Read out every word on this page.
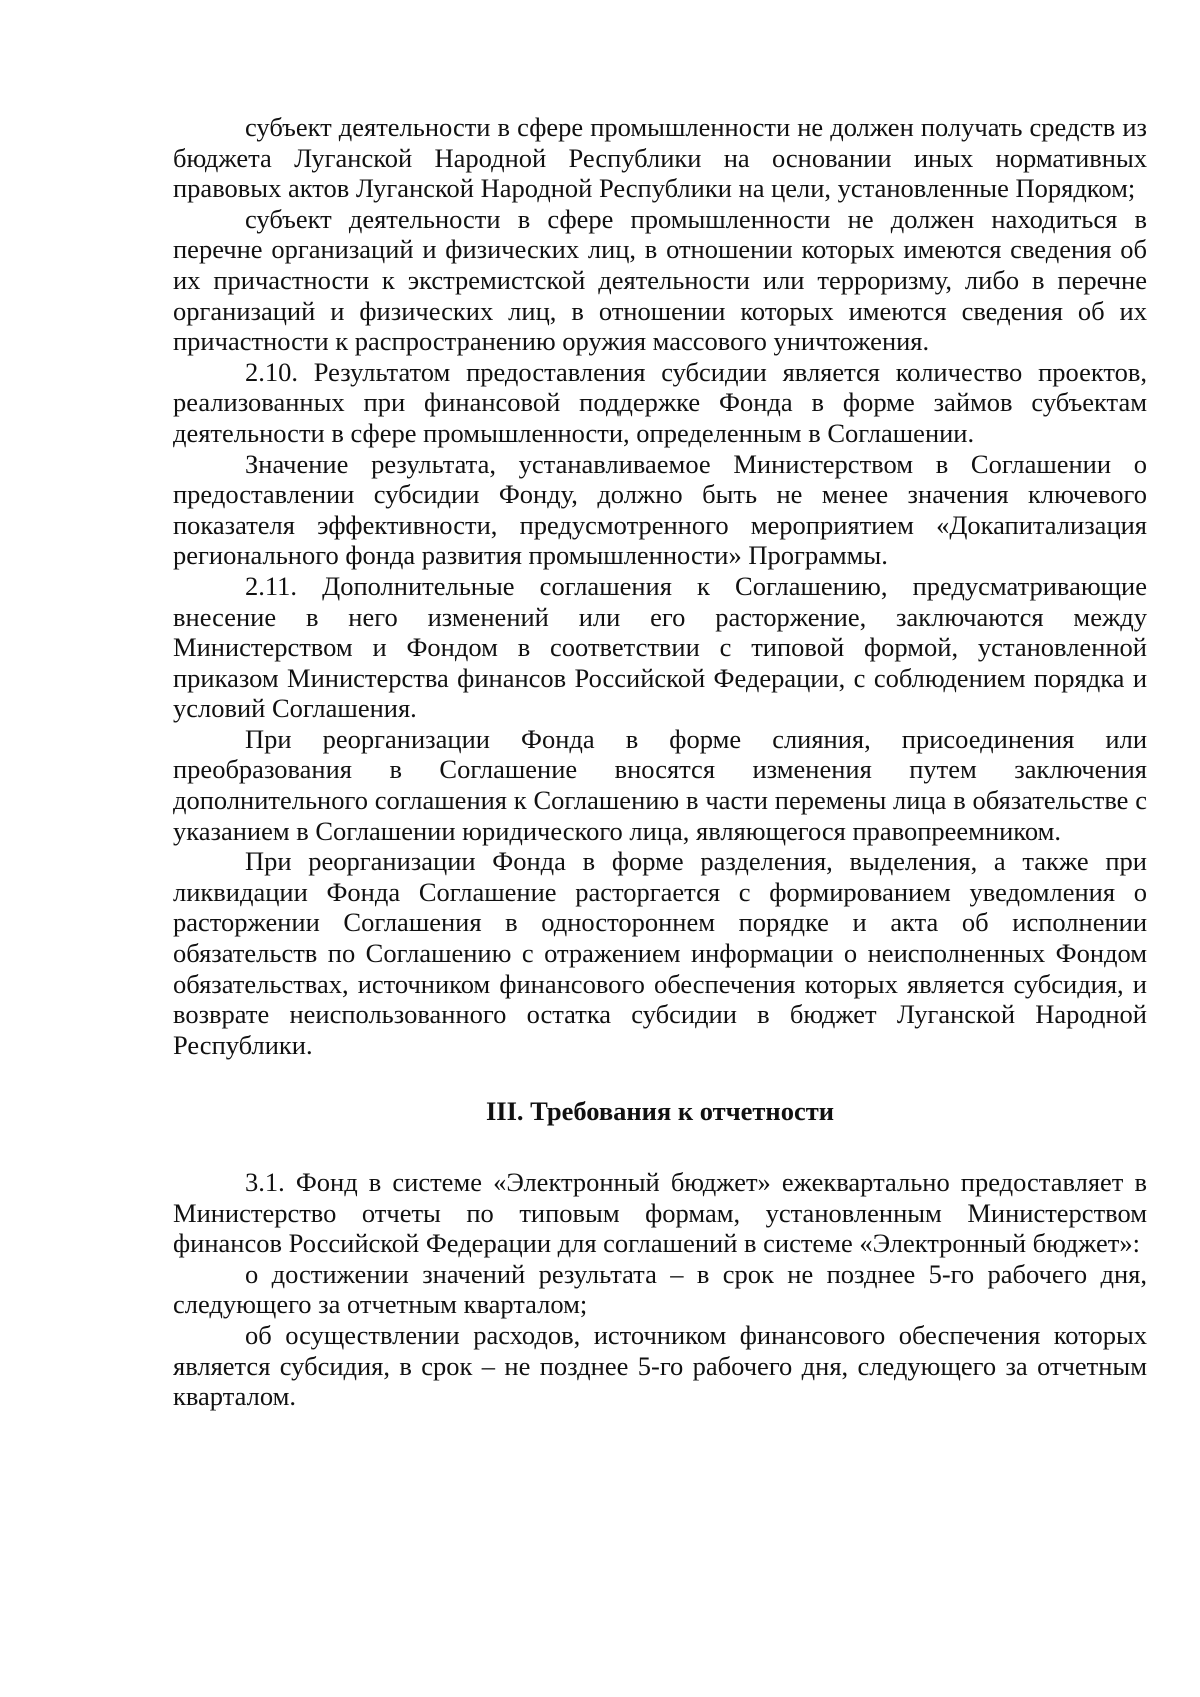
субъект деятельности в сфере промышленности не должен получать средств из бюджета Луганской Народной Республики на основании иных нормативных правовых актов Луганской Народной Республики на цели, установленные Порядком;

субъект деятельности в сфере промышленности не должен находиться в перечне организаций и физических лиц, в отношении которых имеются сведения об их причастности к экстремистской деятельности или терроризму, либо в перечне организаций и физических лиц, в отношении которых имеются сведения об их причастности к распространению оружия массового уничтожения.

2.10. Результатом предоставления субсидии является количество проектов, реализованных при финансовой поддержке Фонда в форме займов субъектам деятельности в сфере промышленности, определенным в Соглашении.

Значение результата, устанавливаемое Министерством в Соглашении о предоставлении субсидии Фонду, должно быть не менее значения ключевого показателя эффективности, предусмотренного мероприятием «Докапитализация регионального фонда развития промышленности» Программы.

2.11. Дополнительные соглашения к Соглашению, предусматривающие внесение в него изменений или его расторжение, заключаются между Министерством и Фондом в соответствии с типовой формой, установленной приказом Министерства финансов Российской Федерации, с соблюдением порядка и условий Соглашения.

При реорганизации Фонда в форме слияния, присоединения или преобразования в Соглашение вносятся изменения путем заключения дополнительного соглашения к Соглашению в части перемены лица в обязательстве с указанием в Соглашении юридического лица, являющегося правопреемником.

При реорганизации Фонда в форме разделения, выделения, а также при ликвидации Фонда Соглашение расторгается с формированием уведомления о расторжении Соглашения в одностороннем порядке и акта об исполнении обязательств по Соглашению с отражением информации о неисполненных Фондом обязательствах, источником финансового обеспечения которых является субсидия, и возврате неиспользованного остатка субсидии в бюджет Луганской Народной Республики.

III. Требования к отчетности

3.1. Фонд в системе «Электронный бюджет» ежеквартально предоставляет в Министерство отчеты по типовым формам, установленным Министерством финансов Российской Федерации для соглашений в системе «Электронный бюджет»:

о достижении значений результата – в срок не позднее 5-го рабочего дня, следующего за отчетным кварталом;

об осуществлении расходов, источником финансового обеспечения которых является субсидия, в срок – не позднее 5-го рабочего дня, следующего за отчетным кварталом.
